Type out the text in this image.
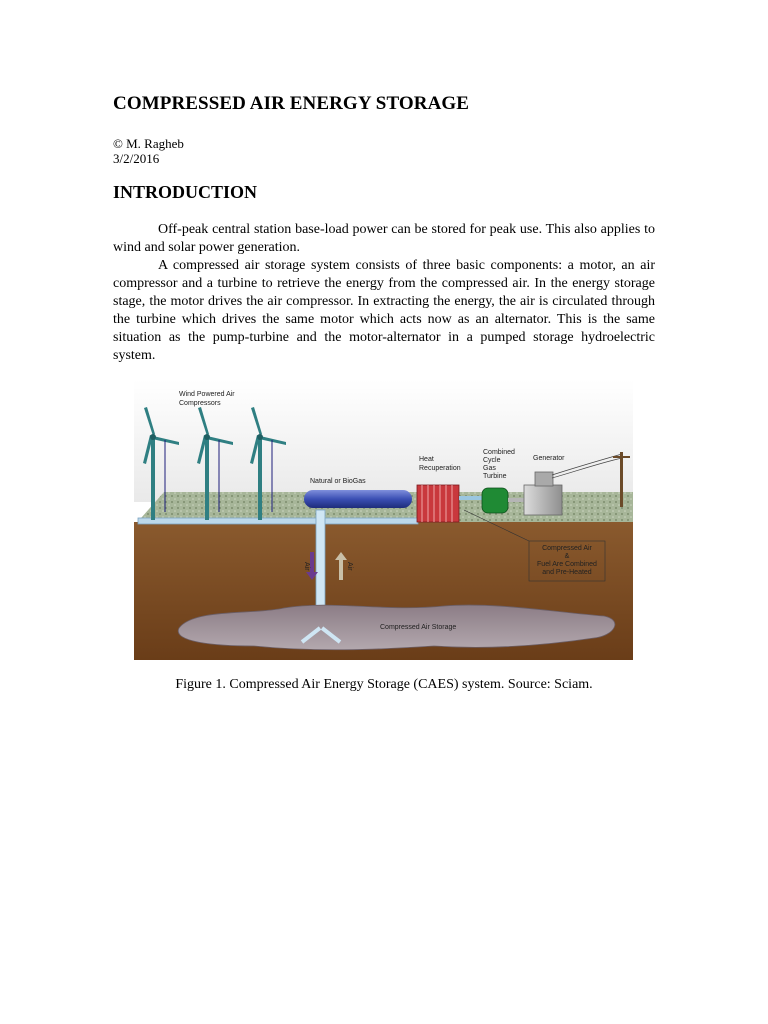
COMPRESSED AIR ENERGY STORAGE
© M. Ragheb
3/2/2016
INTRODUCTION

Off-peak central station base-load power can be stored for peak use. This also applies to wind and solar power generation.

A compressed air storage system consists of three basic components: a motor, an air compressor and a turbine to retrieve the energy from the compressed air. In the energy storage stage, the motor drives the air compressor. In extracting the energy, the air is circulated through the turbine which drives the same motor which acts now as an alternator. This is the same situation as the pump-turbine and the motor-alternator in a pumped storage hydroelectric system.

Air	Air
Wind Powered Air
Compressors
Natural or BioGas
Heat
Recuperation
Combined
Cycle
Gas
Turbine
Generator
Compressed Air
&
Fuel Are Combined
and Pre-Heated
Compressed Air Storage
Figure 1. Compressed Air Energy Storage (CAES) system. Source: Sciam.
